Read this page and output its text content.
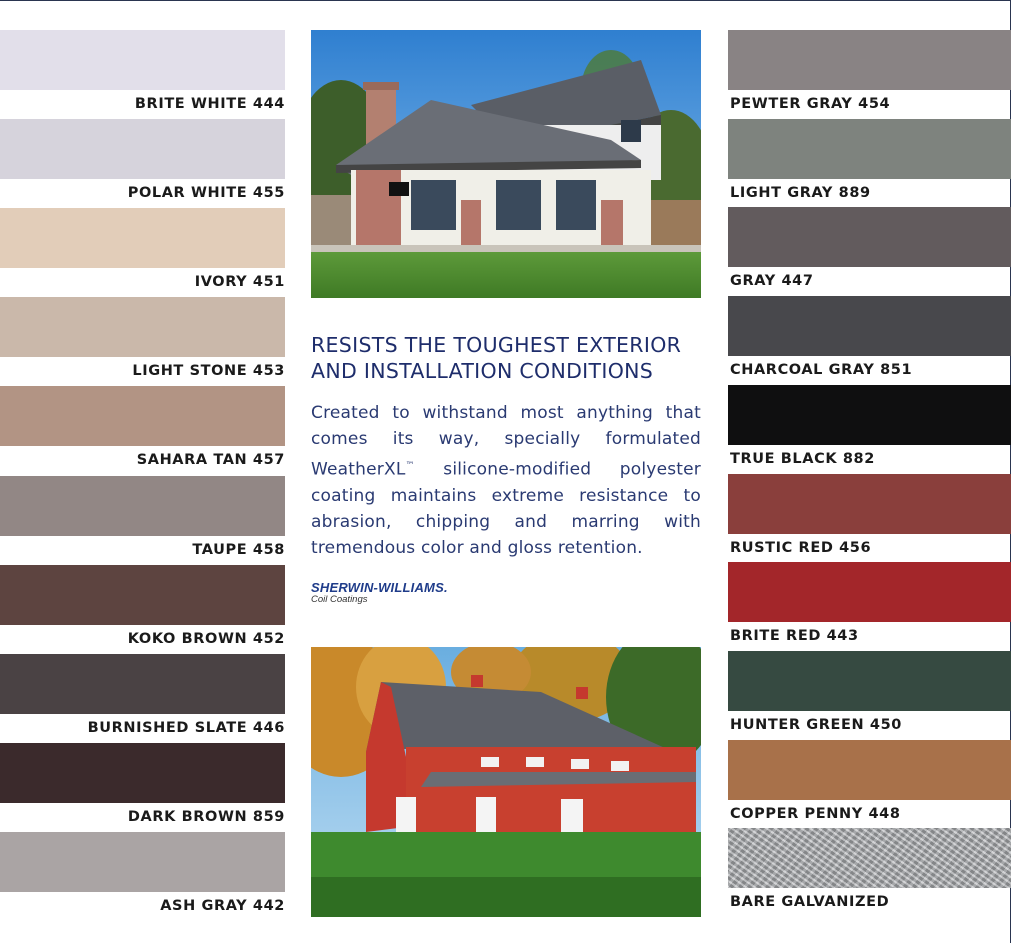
BRITE WHITE 444
POLAR WHITE 455
IVORY 451
LIGHT STONE 453
SAHARA TAN 457
TAUPE 458
KOKO BROWN 452
BURNISHED SLATE 446
DARK BROWN 859
ASH GRAY 442
PEWTER GRAY 454
LIGHT GRAY 889
GRAY 447
CHARCOAL GRAY 851
TRUE BLACK 882
RUSTIC RED 456
BRITE RED 443
HUNTER GREEN 450
COPPER PENNY 448
BARE GALVANIZED
RESISTS THE TOUGHEST EXTERIOR
AND INSTALLATION CONDITIONS
Created to withstand most anything that comes its way, specially formulated WeatherXL™ silicone-modified polyester coating maintains extreme resistance to abrasion, chipping and marring with tremendous color and gloss retention.
SHERWIN-WILLIAMS.
Coil Coatings
